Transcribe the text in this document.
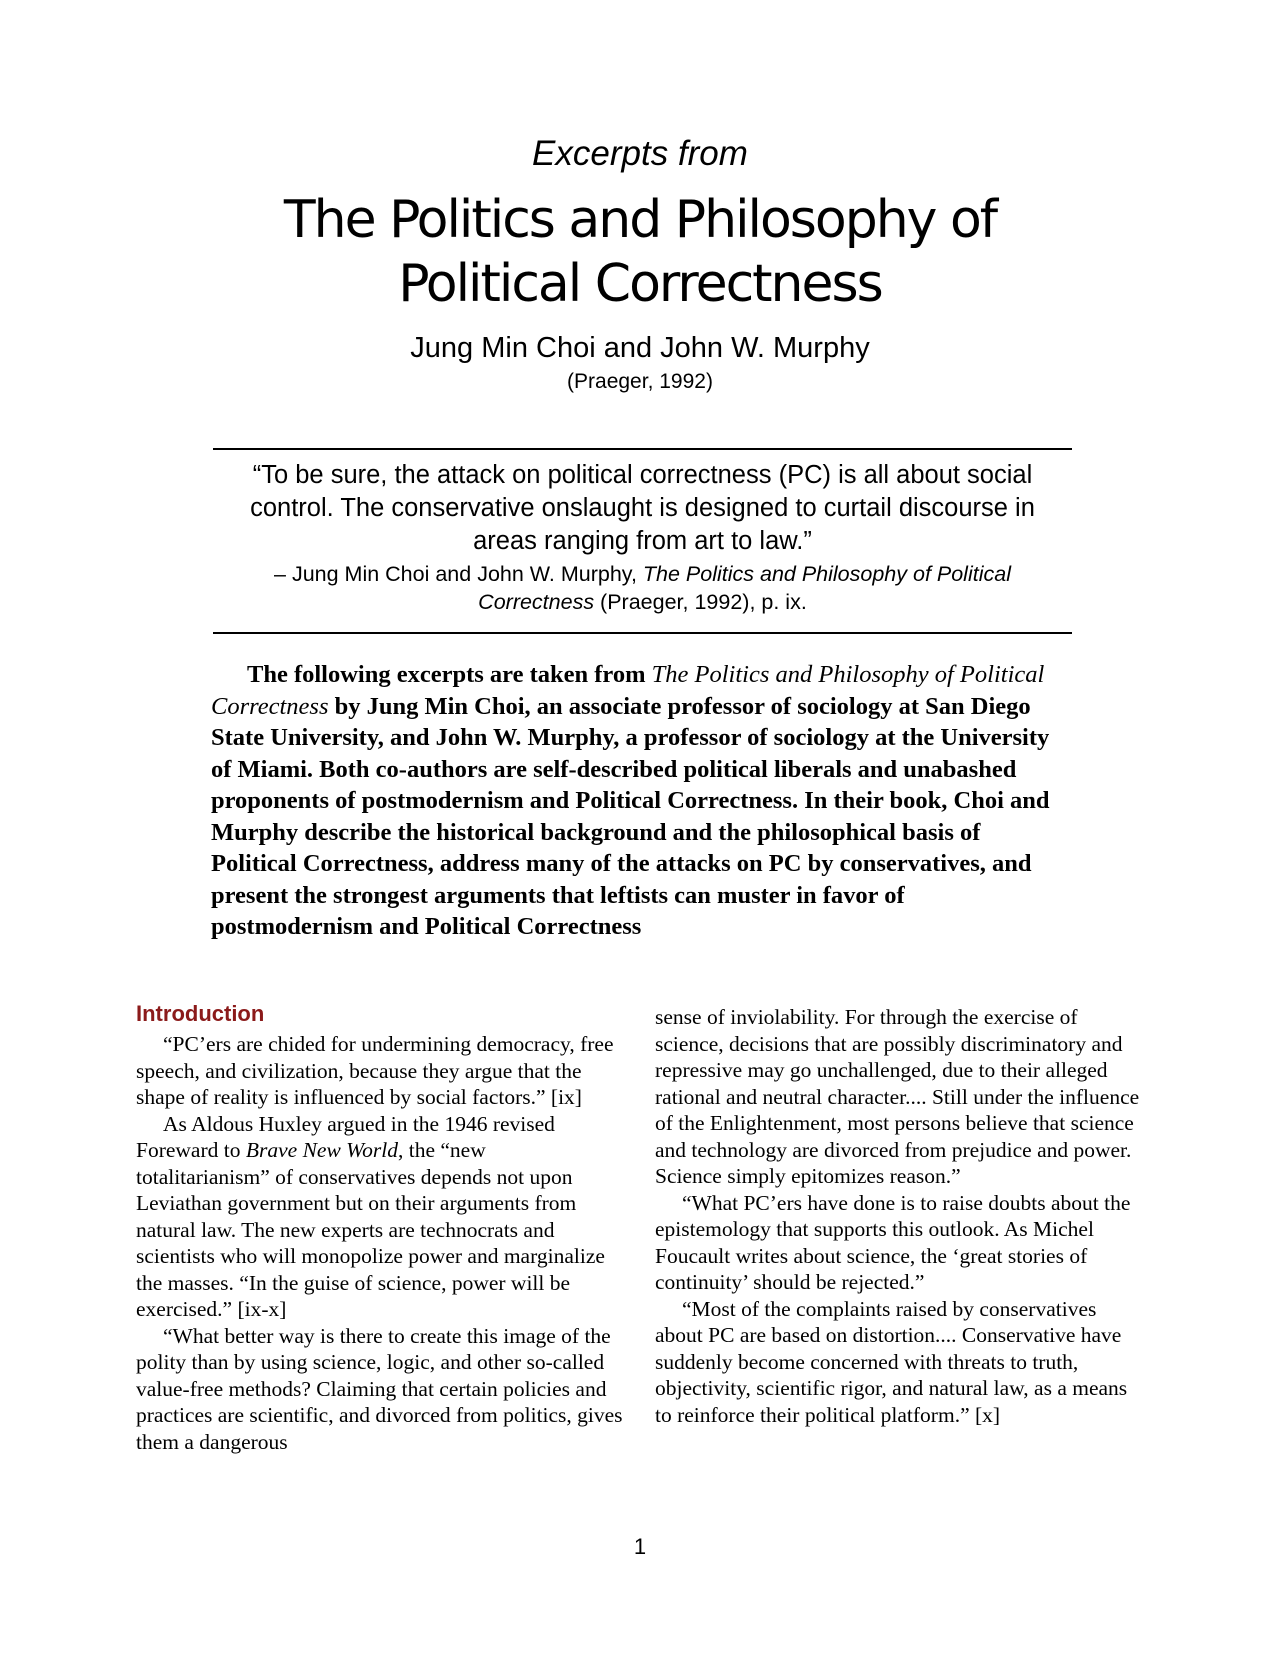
Excerpts from
The Politics and Philosophy of
Political Correctness
Jung Min Choi and John W. Murphy
(Praeger, 1992)

“To be sure, the attack on political correctness (PC) is all about social control. The conservative onslaught is designed to curtail discourse in areas ranging from art to law.”

– Jung Min Choi and John W. Murphy, The Politics and Philosophy of Political Correctness (Praeger, 1992), p. ix.

The following excerpts are taken from The Politics and Philosophy of Political Correctness by Jung Min Choi, an associate professor of sociology at San Diego State University, and John W. Murphy, a professor of sociology at the University of Miami. Both co-authors are self-described political liberals and unabashed proponents of postmodernism and Political Correctness. In their book, Choi and Murphy describe the historical background and the philosophical basis of Political Correctness, address many of the attacks on PC by conservatives, and present the strongest arguments that leftists can muster in favor of postmodernism and Political Correctness

Introduction

“PC’ers are chided for undermining democracy, free speech, and civilization, because they argue that the shape of reality is influenced by social factors.” [ix]

As Aldous Huxley argued in the 1946 revised Foreward to Brave New World, the “new totalitarianism” of conservatives depends not upon Leviathan government but on their arguments from natural law. The new experts are technocrats and scientists who will monopolize power and marginalize the masses. “In the guise of science, power will be exercised.” [ix-x]

“What better way is there to create this image of the polity than by using science, logic, and other so-called value-free methods? Claiming that certain policies and practices are scientific, and divorced from politics, gives them a dangerous

sense of inviolability. For through the exercise of science, decisions that are possibly discriminatory and repressive may go unchallenged, due to their alleged rational and neutral character.... Still under the influence of the Enlightenment, most persons believe that science and technology are divorced from prejudice and power. Science simply epitomizes reason.”

“What PC’ers have done is to raise doubts about the epistemology that supports this outlook. As Michel Foucault writes about science, the ‘great stories of continuity’ should be rejected.”

“Most of the complaints raised by conservatives about PC are based on distortion.... Conservative have suddenly become concerned with threats to truth, objectivity, scientific rigor, and natural law, as a means to reinforce their political platform.” [x]

1
